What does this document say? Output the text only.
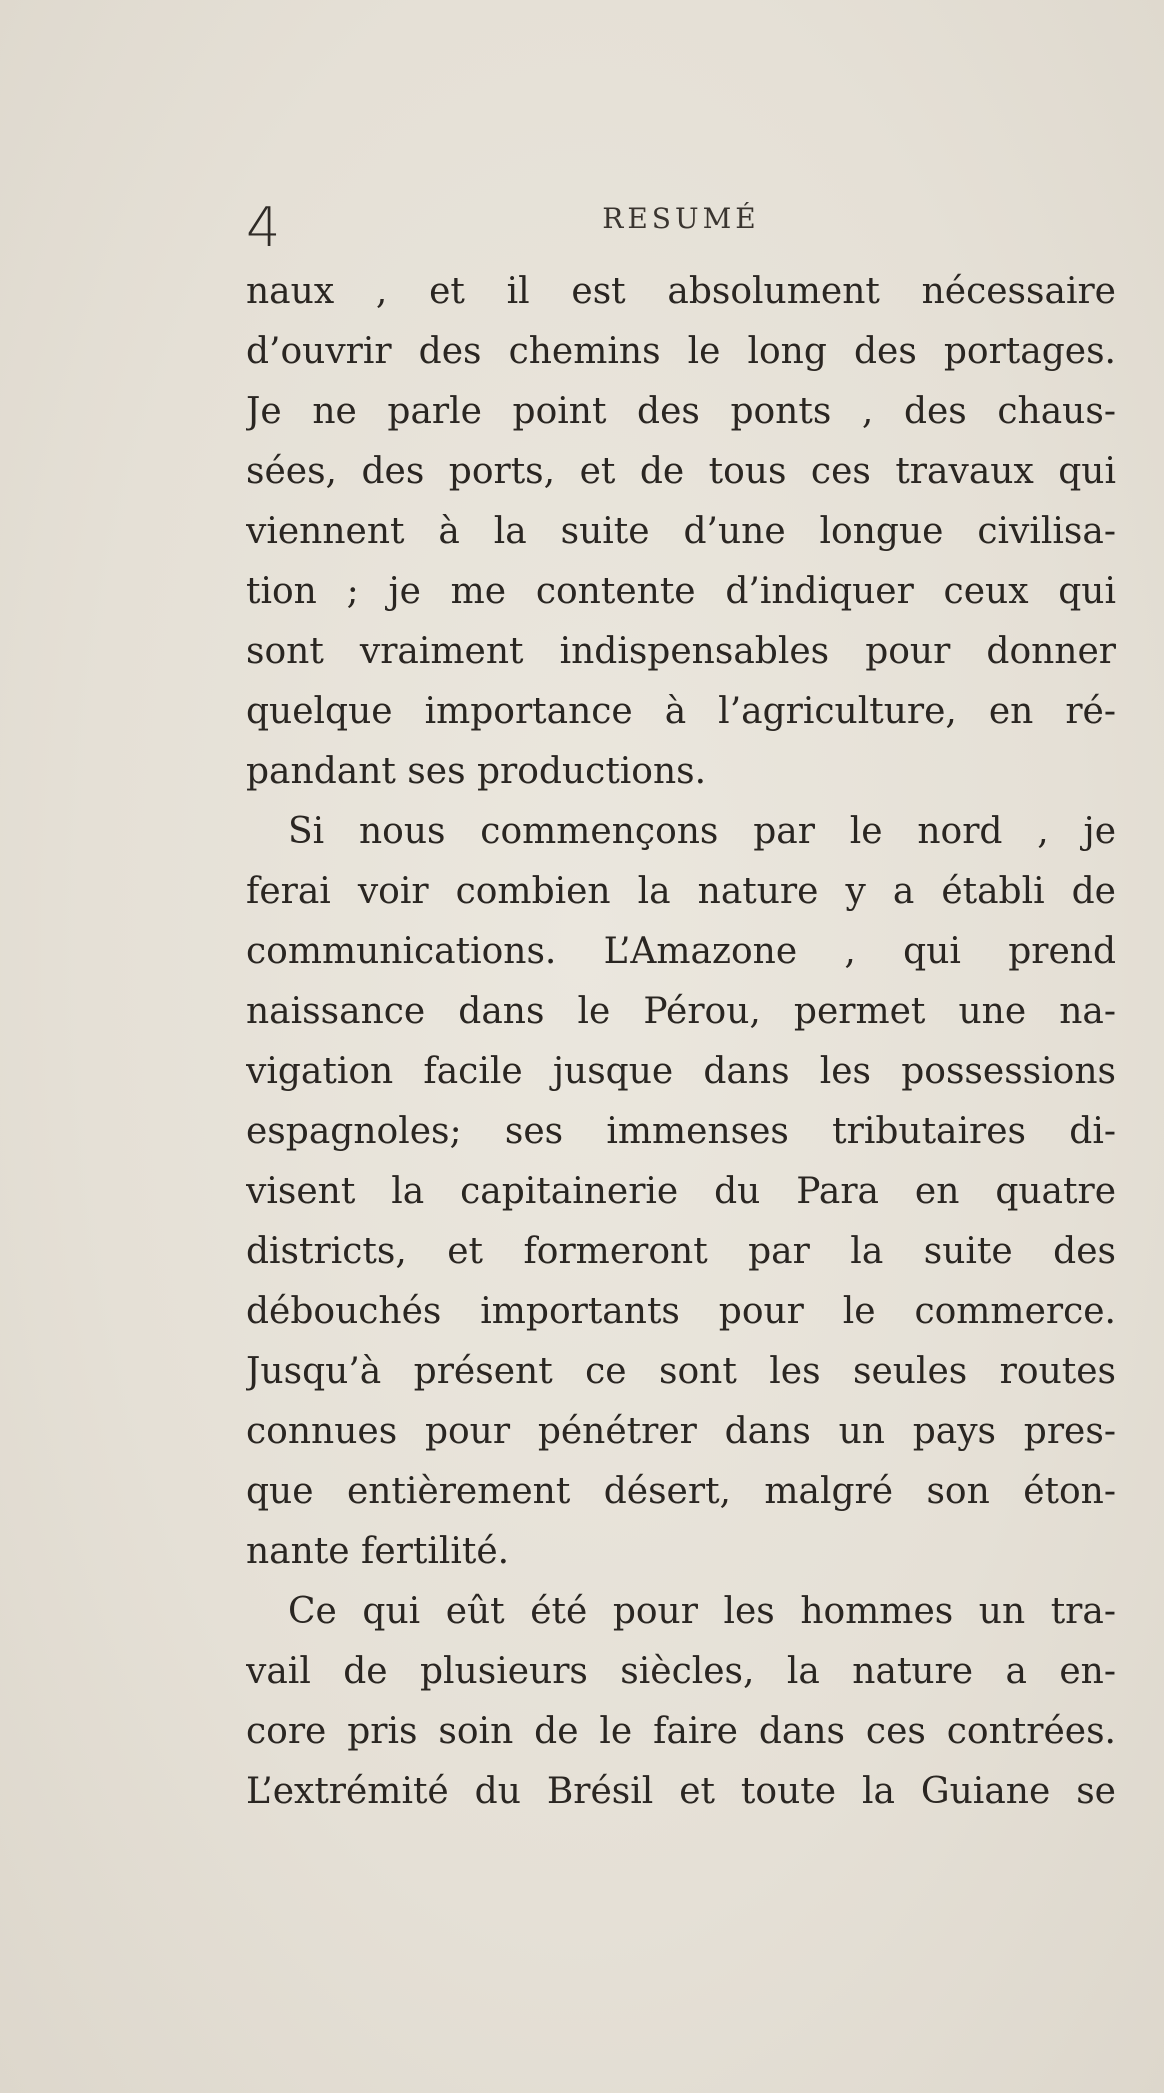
4	RESUMÉ
naux , et il est absolument nécessaire
d’ouvrir des chemins le long des portages.
Je ne parle point des ponts , des chaus-
sées, des ports, et de tous ces travaux qui
viennent à la suite d’une longue civilisa-
tion ; je me contente d’indiquer ceux qui
sont vraiment indispensables pour donner
quelque importance à l’agriculture, en ré-
pandant ses productions.
Si nous commençons par le nord , je
ferai voir combien la nature y a établi de
communications. L’Amazone , qui prend
naissance dans le Pérou, permet une na-
vigation facile jusque dans les possessions
espagnoles; ses immenses tributaires di-
visent la capitainerie du Para en quatre
districts, et formeront par la suite des
débouchés importants pour le commerce.
Jusqu’à présent ce sont les seules routes
connues pour pénétrer dans un pays pres-
que entièrement désert, malgré son éton-
nante fertilité.
Ce qui eût été pour les hommes un tra-
vail de plusieurs siècles, la nature a en-
core pris soin de le faire dans ces contrées.
L’extrémité du Brésil et toute la Guiane se
